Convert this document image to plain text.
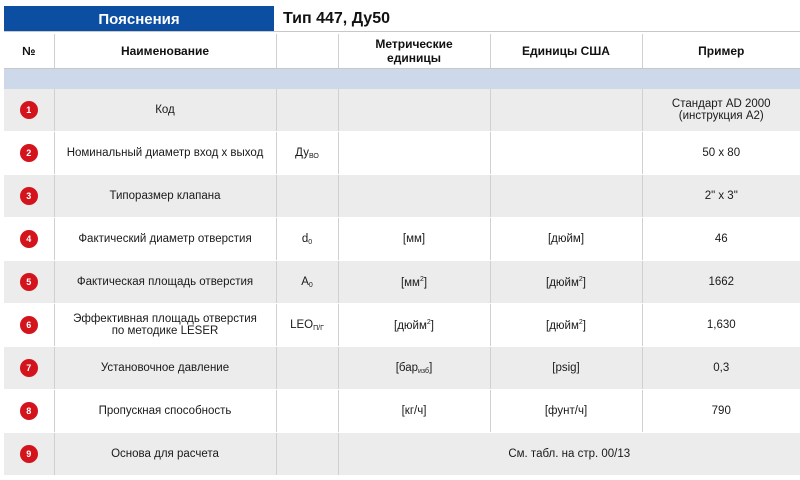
Пояснения	Тип 447, Ду50
№	Наименование		Метрические
единицы	Единицы США	Пример

1	Код				Стандарт AD 2000
(инструкция A2)

2	Номинальный диаметр вход х выход	$Ду_{ВО}$			50 x 80
3	Типоразмер клапана				2" x 3"
4	Фактический диаметр отверстия	$d_0$	[мм]	[дюйм]	46
5	Фактическая площадь отверстия	$A_0$	$[мм^2]$	[дюйм$^2$]	1662
6	Эффективная площадь отверстия
по методике LESER	$LEO_{П/Г}$	[дюйм$^2$]	[дюйм$^2$]	1,630
7	Установочное давление		[бар$_{изб}$]	[psig]	0,3
8	Пропускная способность		[кг/ч]	[фунт/ч]	790
9	Основа для расчета		См. табл. на стр. 00/13		
